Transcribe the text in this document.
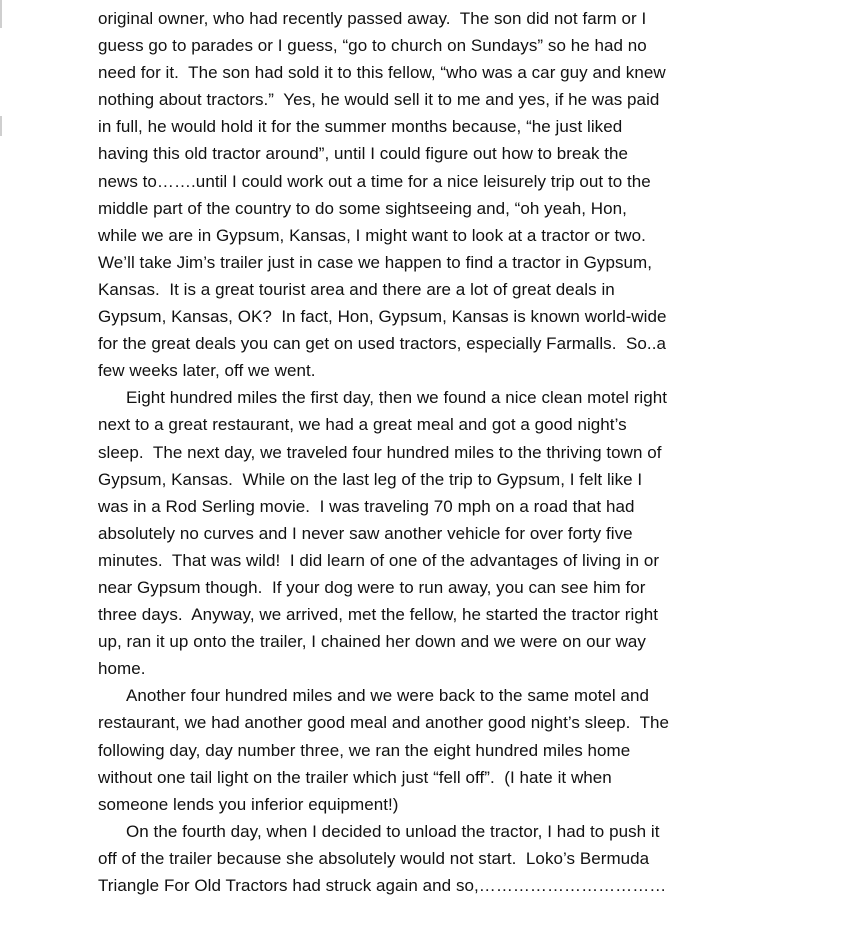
original owner, who had recently passed away.  The son did not farm or I
guess go to parades or I guess, “go to church on Sundays” so he had no
need for it.  The son had sold it to this fellow, “who was a car guy and knew
nothing about tractors.”  Yes, he would sell it to me and yes, if he was paid
in full, he would hold it for the summer months because, “he just liked
having this old tractor around”, until I could figure out how to break the
news to…….until I could work out a time for a nice leisurely trip out to the
middle part of the country to do some sightseeing and, “oh yeah, Hon,
while we are in Gypsum, Kansas, I might want to look at a tractor or two.
We’ll take Jim’s trailer just in case we happen to find a tractor in Gypsum,
Kansas.  It is a great tourist area and there are a lot of great deals in
Gypsum, Kansas, OK?  In fact, Hon, Gypsum, Kansas is known world-wide
for the great deals you can get on used tractors, especially Farmalls.  So..a
few weeks later, off we went.
Eight hundred miles the first day, then we found a nice clean motel right
next to a great restaurant, we had a great meal and got a good night’s
sleep.  The next day, we traveled four hundred miles to the thriving town of
Gypsum, Kansas.  While on the last leg of the trip to Gypsum, I felt like I
was in a Rod Serling movie.  I was traveling 70 mph on a road that had
absolutely no curves and I never saw another vehicle for over forty five
minutes.  That was wild!  I did learn of one of the advantages of living in or
near Gypsum though.  If your dog were to run away, you can see him for
three days.  Anyway, we arrived, met the fellow, he started the tractor right
up, ran it up onto the trailer, I chained her down and we were on our way
home.
Another four hundred miles and we were back to the same motel and
restaurant, we had another good meal and another good night’s sleep.  The
following day, day number three, we ran the eight hundred miles home
without one tail light on the trailer which just “fell off”.  (I hate it when
someone lends you inferior equipment!)
On the fourth day, when I decided to unload the tractor, I had to push it
off of the trailer because she absolutely would not start.  Loko’s Bermuda
Triangle For Old Tractors had struck again and so,……………………………
